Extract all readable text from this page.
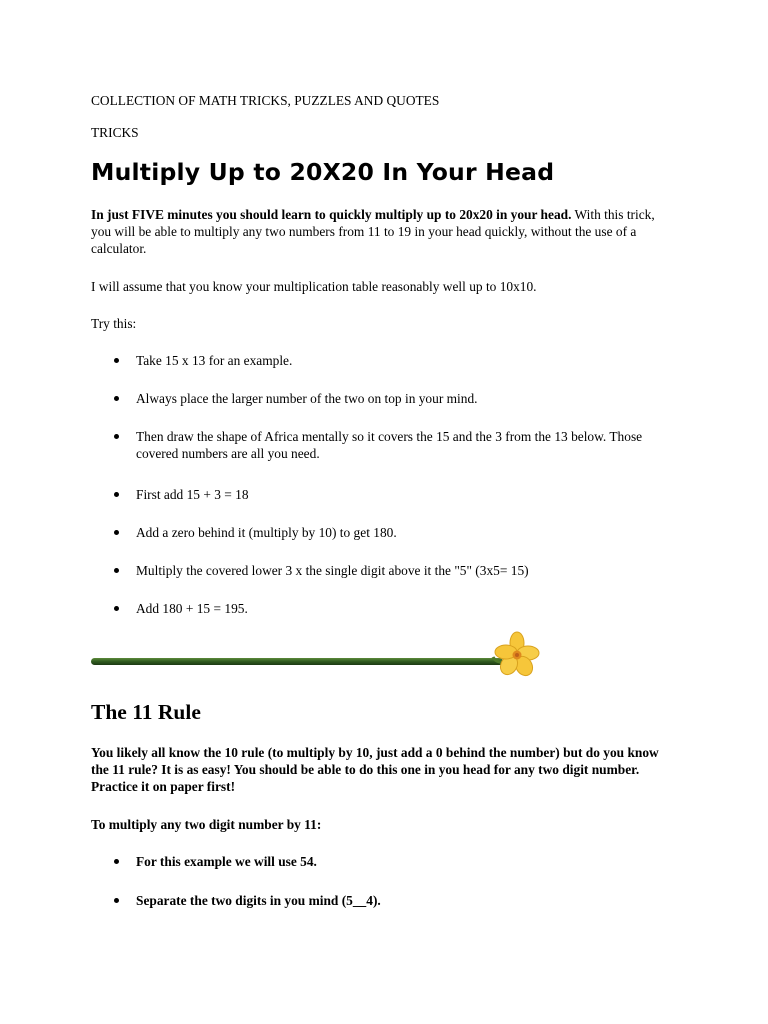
COLLECTION OF MATH TRICKS, PUZZLES AND QUOTES
TRICKS
Multiply Up to 20X20 In Your Head

In just FIVE minutes you should learn to quickly multiply up to 20x20 in your head. With this trick, you will be able to multiply any two numbers from 11 to 19 in your head quickly, without the use of a calculator.

I will assume that you know your multiplication table reasonably well up to 10x10.

Try this:

Take 15 x 13 for an example.
Always place the larger number of the two on top in your mind.
Then draw the shape of Africa mentally so it covers the 15 and the 3 from the 13 below. Those covered numbers are all you need.
First add 15 + 3 = 18
Add a zero behind it (multiply by 10) to get 180.
Multiply the covered lower 3 x the single digit above it the "5" (3x5= 15)
Add 180 + 15 = 195.
The 11 Rule

You likely all know the 10 rule (to multiply by 10, just add a 0 behind the number) but do you know the 11 rule? It is as easy! You should be able to do this one in you head for any two digit number. Practice it on paper first!

To multiply any two digit number by 11:

For this example we will use 54.
Separate the two digits in you mind (5__4).
